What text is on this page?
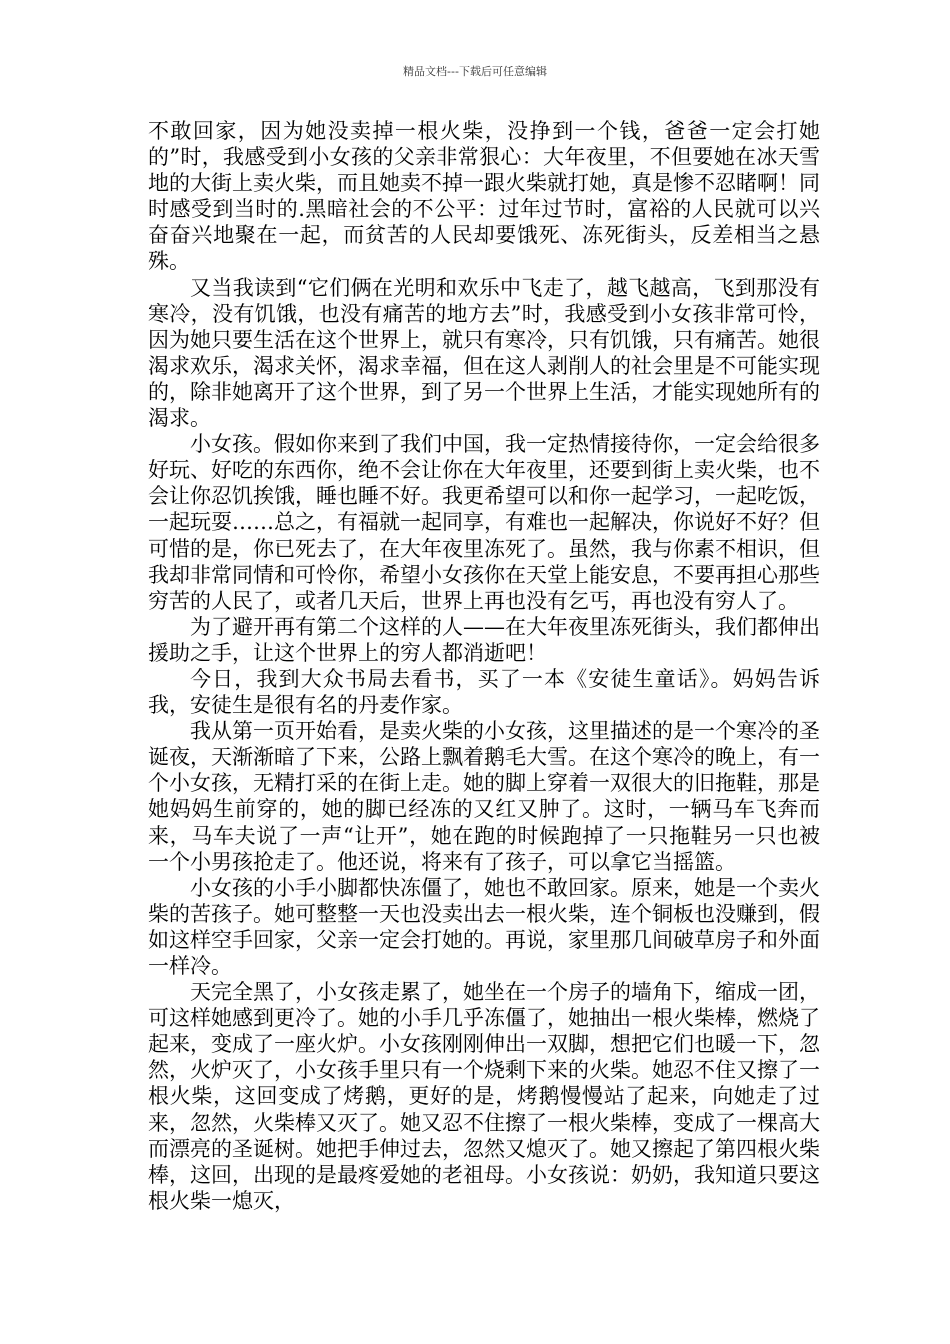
精品文档---下载后可任意编辑

不敢回家，因为她没卖掉一根火柴，没挣到一个钱，爸爸一定会打她的”时，我感受到小女孩的父亲非常狠心：大年夜里，不但要她在冰天雪地的大街上卖火柴，而且她卖不掉一跟火柴就打她，真是惨不忍睹啊！同时感受到当时的.黑暗社会的不公平：过年过节时，富裕的人民就可以兴奋奋兴地聚在一起，而贫苦的人民却要饿死、冻死街头，反差相当之悬殊。

又当我读到“它们俩在光明和欢乐中飞走了，越飞越高，飞到那没有寒冷，没有饥饿，也没有痛苦的地方去”时，我感受到小女孩非常可怜，因为她只要生活在这个世界上，就只有寒冷，只有饥饿，只有痛苦。她很渴求欢乐，渴求关怀，渴求幸福，但在这人剥削人的社会里是不可能实现的，除非她离开了这个世界，到了另一个世界上生活，才能实现她所有的渴求。

小女孩。假如你来到了我们中国，我一定热情接待你，一定会给很多好玩、好吃的东西你，绝不会让你在大年夜里，还要到街上卖火柴，也不会让你忍饥挨饿，睡也睡不好。我更希望可以和你一起学习，一起吃饭，一起玩耍……总之，有福就一起同享，有难也一起解决，你说好不好？但可惜的是，你已死去了，在大年夜里冻死了。虽然，我与你素不相识，但我却非常同情和可怜你，希望小女孩你在天堂上能安息，不要再担心那些穷苦的人民了，或者几天后，世界上再也没有乞丐，再也没有穷人了。

为了避开再有第二个这样的人——在大年夜里冻死街头，我们都伸出援助之手，让这个世界上的穷人都消逝吧！

今日，我到大众书局去看书，买了一本《安徒生童话》。妈妈告诉我，安徒生是很有名的丹麦作家。

我从第一页开始看，是卖火柴的小女孩，这里描述的是一个寒冷的圣诞夜，天渐渐暗了下来，公路上飘着鹅毛大雪。在这个寒冷的晚上，有一个小女孩，无精打采的在街上走。她的脚上穿着一双很大的旧拖鞋，那是她妈妈生前穿的，她的脚已经冻的又红又肿了。这时，一辆马车飞奔而来，马车夫说了一声“让开”，她在跑的时候跑掉了一只拖鞋另一只也被一个小男孩抢走了。他还说，将来有了孩子，可以拿它当摇篮。

小女孩的小手小脚都快冻僵了，她也不敢回家。原来，她是一个卖火柴的苦孩子。她可整整一天也没卖出去一根火柴，连个铜板也没赚到，假如这样空手回家，父亲一定会打她的。再说，家里那几间破草房子和外面一样冷。

天完全黑了，小女孩走累了，她坐在一个房子的墙角下，缩成一团，可这样她感到更冷了。她的小手几乎冻僵了，她抽出一根火柴棒，燃烧了起来，变成了一座火炉。小女孩刚刚伸出一双脚，想把它们也暖一下，忽然，火炉灭了，小女孩手里只有一个烧剩下来的火柴。她忍不住又擦了一根火柴，这回变成了烤鹅，更好的是，烤鹅慢慢站了起来，向她走了过来，忽然，火柴棒又灭了。她又忍不住擦了一根火柴棒，变成了一棵高大而漂亮的圣诞树。她把手伸过去，忽然又熄灭了。她又擦起了第四根火柴棒，这回，出现的是最疼爱她的老祖母。小女孩说：奶奶，我知道只要这根火柴一熄灭，
